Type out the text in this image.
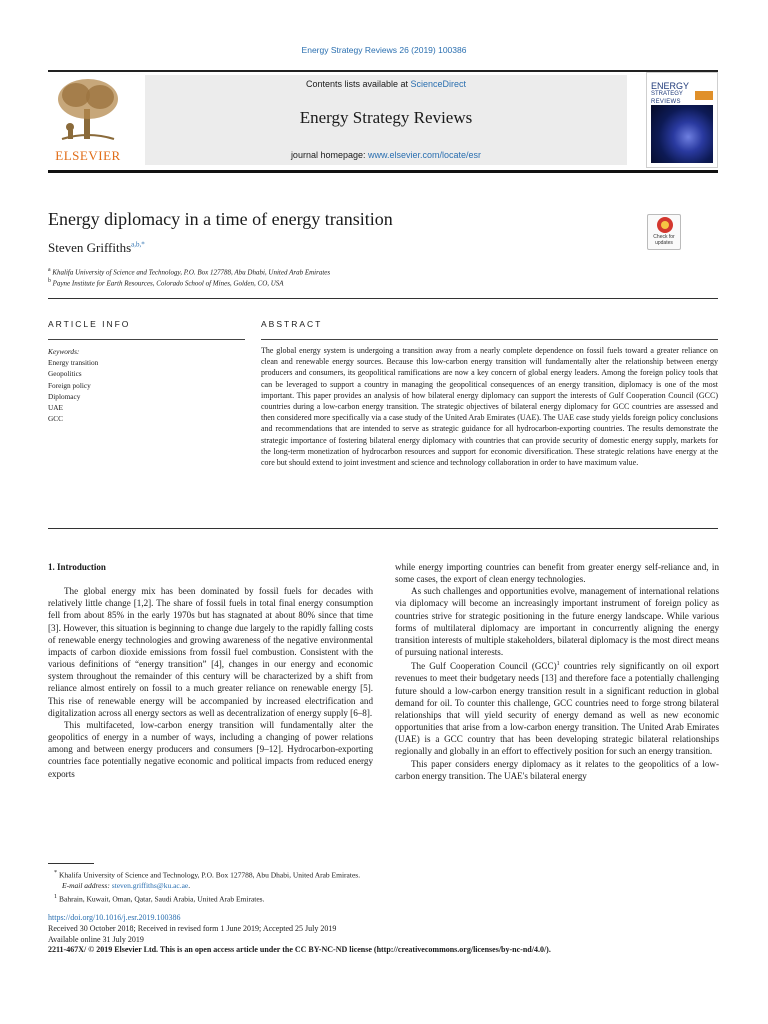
Energy Strategy Reviews 26 (2019) 100386
ELSEVIER
Contents lists available at ScienceDirect
Energy Strategy Reviews
journal homepage: www.elsevier.com/locate/esr
ENERGY
STRATEGY
REVIEWS
Energy diplomacy in a time of energy transition
Steven Griffiths$^{a,b,*}$
$^a$ Khalifa University of Science and Technology, P.O. Box 127788, Abu Dhabi, United Arab Emirates
$^b$ Payne Institute for Earth Resources, Colorado School of Mines, Golden, CO, USA
Check for updates
ARTICLE INFO	ABSTRACT
Keywords:
Energy transition
Geopolitics
Foreign policy
Diplomacy
UAE
GCC
The global energy system is undergoing a transition away from a nearly complete dependence on fossil fuels toward a greater reliance on clean and renewable energy sources. Because this low-carbon energy transition will fundamentally alter the relationship between energy producers and consumers, its geopolitical ramifications are now a key concern of global energy leaders. Among the foreign policy tools that can be leveraged to support a country in managing the geopolitical consequences of an energy transition, diplomacy is one of the most important. This paper provides an analysis of how bilateral energy diplomacy can support the interests of Gulf Cooperation Council (GCC) countries during a low-carbon energy transition. The strategic objectives of bilateral energy diplomacy for GCC countries are assessed and then considered more specifically via a case study of the United Arab Emirates (UAE). The UAE case study yields foreign policy conclusions and recommendations that are intended to serve as strategic guidance for all hydrocarbon-exporting countries. The results demonstrate the strategic importance of fostering bilateral energy diplomacy with countries that can provide security of domestic energy supply, markets for the long-term monetization of hydrocarbon resources and support for economic diversification. These strategic relations have energy at the core but should extend to joint investment and science and technology collaboration in order to have maximum value.

1. Introduction

The global energy mix has been dominated by fossil fuels for decades with relatively little change [1,2]. The share of fossil fuels in total final energy consumption fell from about 85% in the early 1970s but has stagnated at about 80% since that time [3]. However, this situation is beginning to change due largely to the rapidly falling costs of renewable energy technologies and growing awareness of the negative environmental impacts of carbon dioxide emissions from fossil fuel combustion. Consistent with the various definitions of “energy transition” [4], changes in our energy and economic system throughout the remainder of this century will be characterized by a shift from reliance almost entirely on fossil to a much greater reliance on renewable energy [5]. This rise of renewable energy will be accompanied by increased electrification and digitalization across all energy sectors as well as decentralization of energy supply [6–8].

This multifaceted, low-carbon energy transition will fundamentally alter the geopolitics of energy in a number of ways, including a changing of power relations among and between energy producers and consumers [9–12]. Hydrocarbon-exporting countries face potentially negative economic and political impacts from reduced energy exports

while energy importing countries can benefit from greater energy self-reliance and, in some cases, the export of clean energy technologies.

As such challenges and opportunities evolve, management of international relations via diplomacy will become an increasingly important instrument of foreign policy as countries strive for strategic positioning in the future energy landscape. While various forms of multilateral diplomacy are important in concurrently aligning the energy transition interests of multiple stakeholders, bilateral diplomacy is the most direct means of pursuing national interests.

The Gulf Cooperation Council (GCC)$^1$ countries rely significantly on oil export revenues to meet their budgetary needs [13] and therefore face a potentially challenging future should a low-carbon energy transition result in a significant reduction in global demand for oil. To counter this challenge, GCC countries need to forge strong bilateral relationships that will yield security of energy demand as well as new economic opportunities that arise from a low-carbon energy transition. The United Arab Emirates (UAE) is a GCC country that has been developing strategic bilateral relationships regionally and globally in an effort to effectively position for such an energy transition.

This paper considers energy diplomacy as it relates to the geopolitics of a low-carbon energy transition. The UAE's bilateral energy

* Khalifa University of Science and Technology, P.O. Box 127788, Abu Dhabi, United Arab Emirates.
E-mail address: steven.griffiths@ku.ac.ae.
$^1$ Bahrain, Kuwait, Oman, Qatar, Saudi Arabia, United Arab Emirates.
https://doi.org/10.1016/j.esr.2019.100386
Received 30 October 2018; Received in revised form 1 June 2019; Accepted 25 July 2019
Available online 31 July 2019
2211-467X/ © 2019 Elsevier Ltd. This is an open access article under the CC BY-NC-ND license (http://creativecommons.org/licenses/by-nc-nd/4.0/).
